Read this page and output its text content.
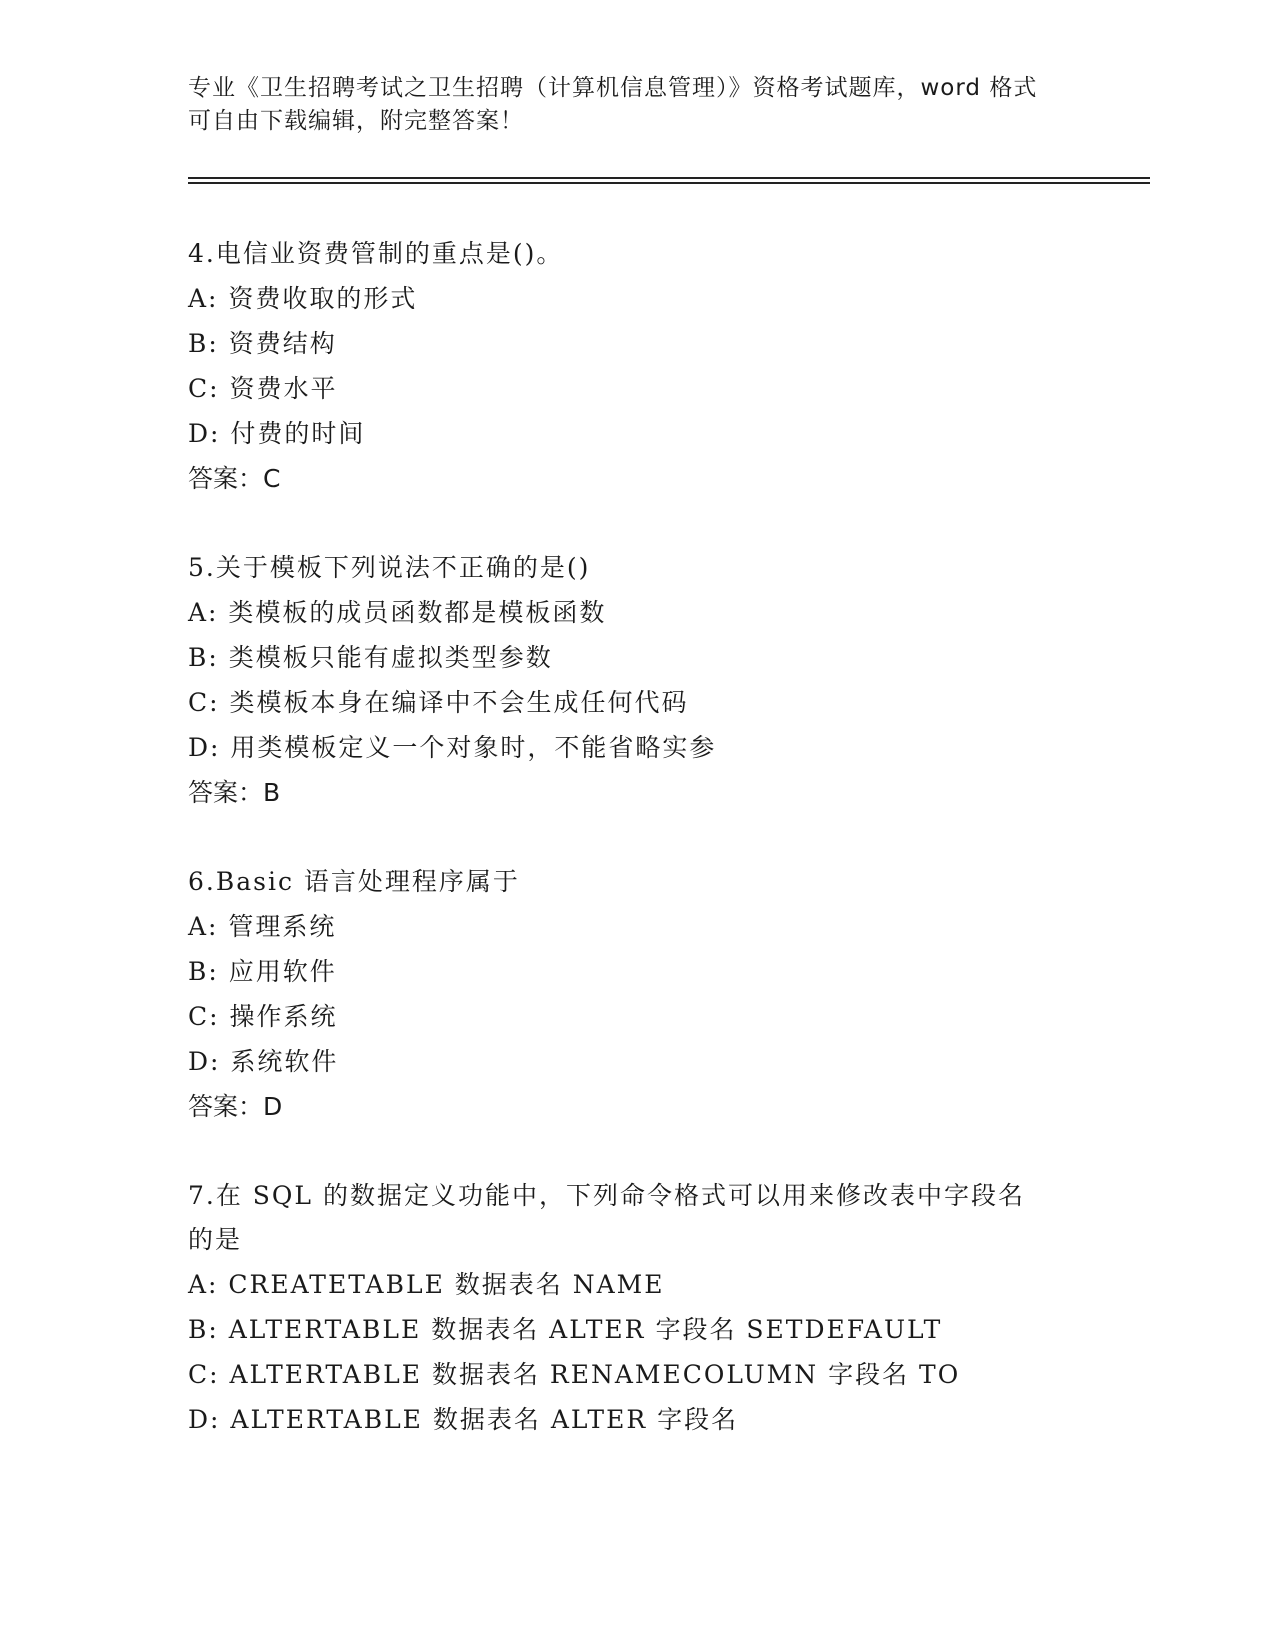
专业《卫生招聘考试之卫生招聘（计算机信息管理）》资格考试题库，word 格式
可自由下载编辑，附完整答案！

4.电信业资费管制的重点是()。

A: 资费收取的形式

B: 资费结构

C: 资费水平

D: 付费的时间

答案：C

5.关于模板下列说法不正确的是()

A: 类模板的成员函数都是模板函数

B: 类模板只能有虚拟类型参数

C: 类模板本身在编译中不会生成任何代码

D: 用类模板定义一个对象时，不能省略实参

答案：B

6.Basic 语言处理程序属于

A: 管理系统

B: 应用软件

C: 操作系统

D: 系统软件

答案：D

7.在 SQL 的数据定义功能中，下列命令格式可以用来修改表中字段名

的是

A: CREATETABLE 数据表名 NAME

B: ALTERTABLE 数据表名 ALTER 字段名 SETDEFAULT

C: ALTERTABLE 数据表名 RENAMECOLUMN 字段名 TO

D: ALTERTABLE 数据表名 ALTER 字段名
